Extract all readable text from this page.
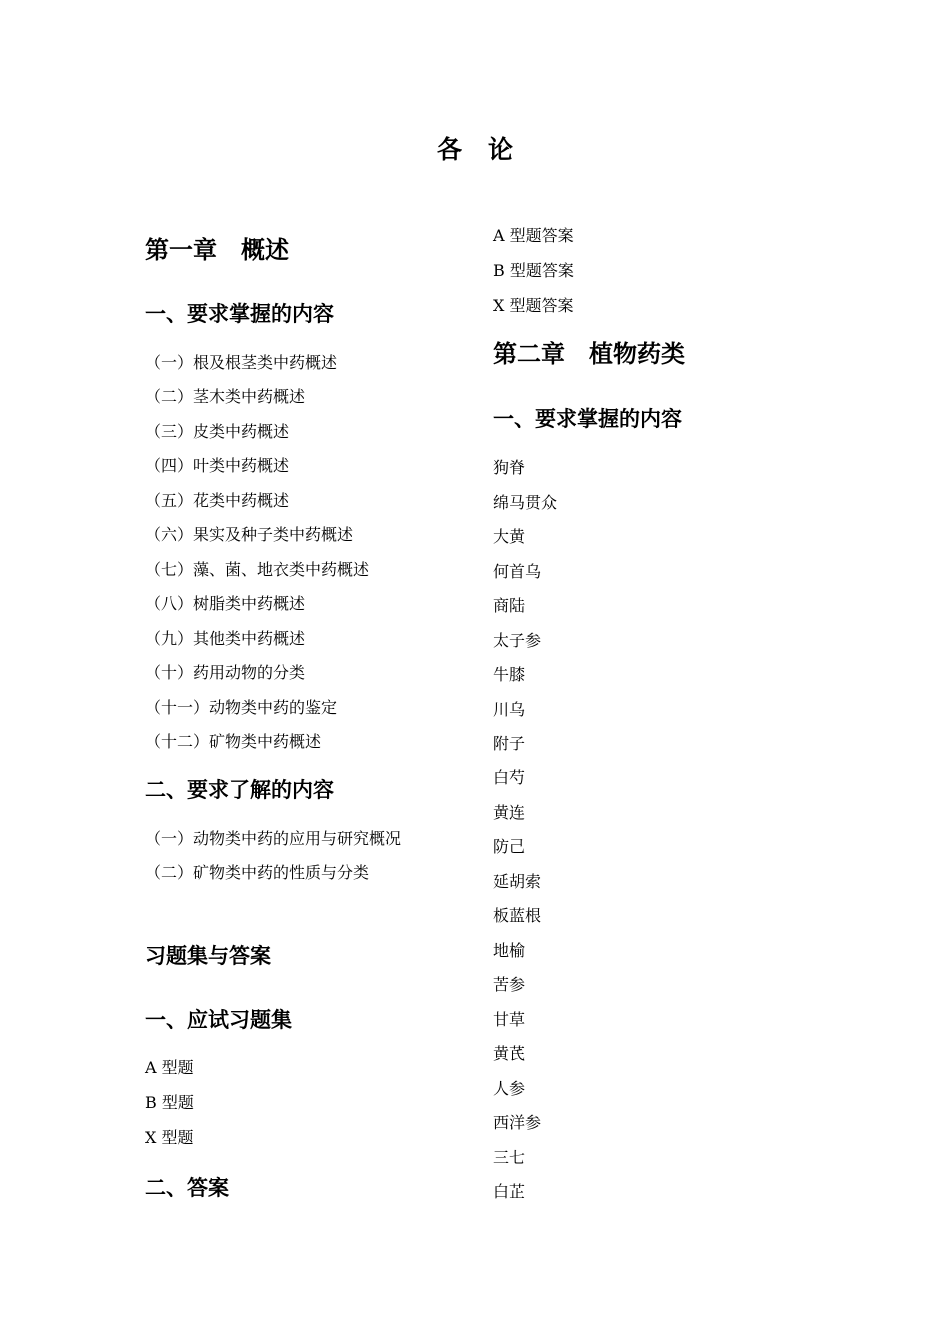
各论
第一章　概述
一、要求掌握的内容
（一）根及根茎类中药概述
（二）茎木类中药概述
（三）皮类中药概述
（四）叶类中药概述
（五）花类中药概述
（六）果实及种子类中药概述
（七）藻、菌、地衣类中药概述
（八）树脂类中药概述
（九）其他类中药概述
（十）药用动物的分类
（十一）动物类中药的鉴定
（十二）矿物类中药概述
二、要求了解的内容
（一）动物类中药的应用与研究概况
（二）矿物类中药的性质与分类
习题集与答案
一、应试习题集
A 型题
B 型题
X 型题
二、答案
A 型题答案
B 型题答案
X 型题答案
第二章　植物药类
一、要求掌握的内容
狗脊
绵马贯众
大黄
何首乌
商陆
太子参
牛膝
川乌
附子
白芍
黄连
防己
延胡索
板蓝根
地榆
苦参
甘草
黄芪
人参
西洋参
三七
白芷
